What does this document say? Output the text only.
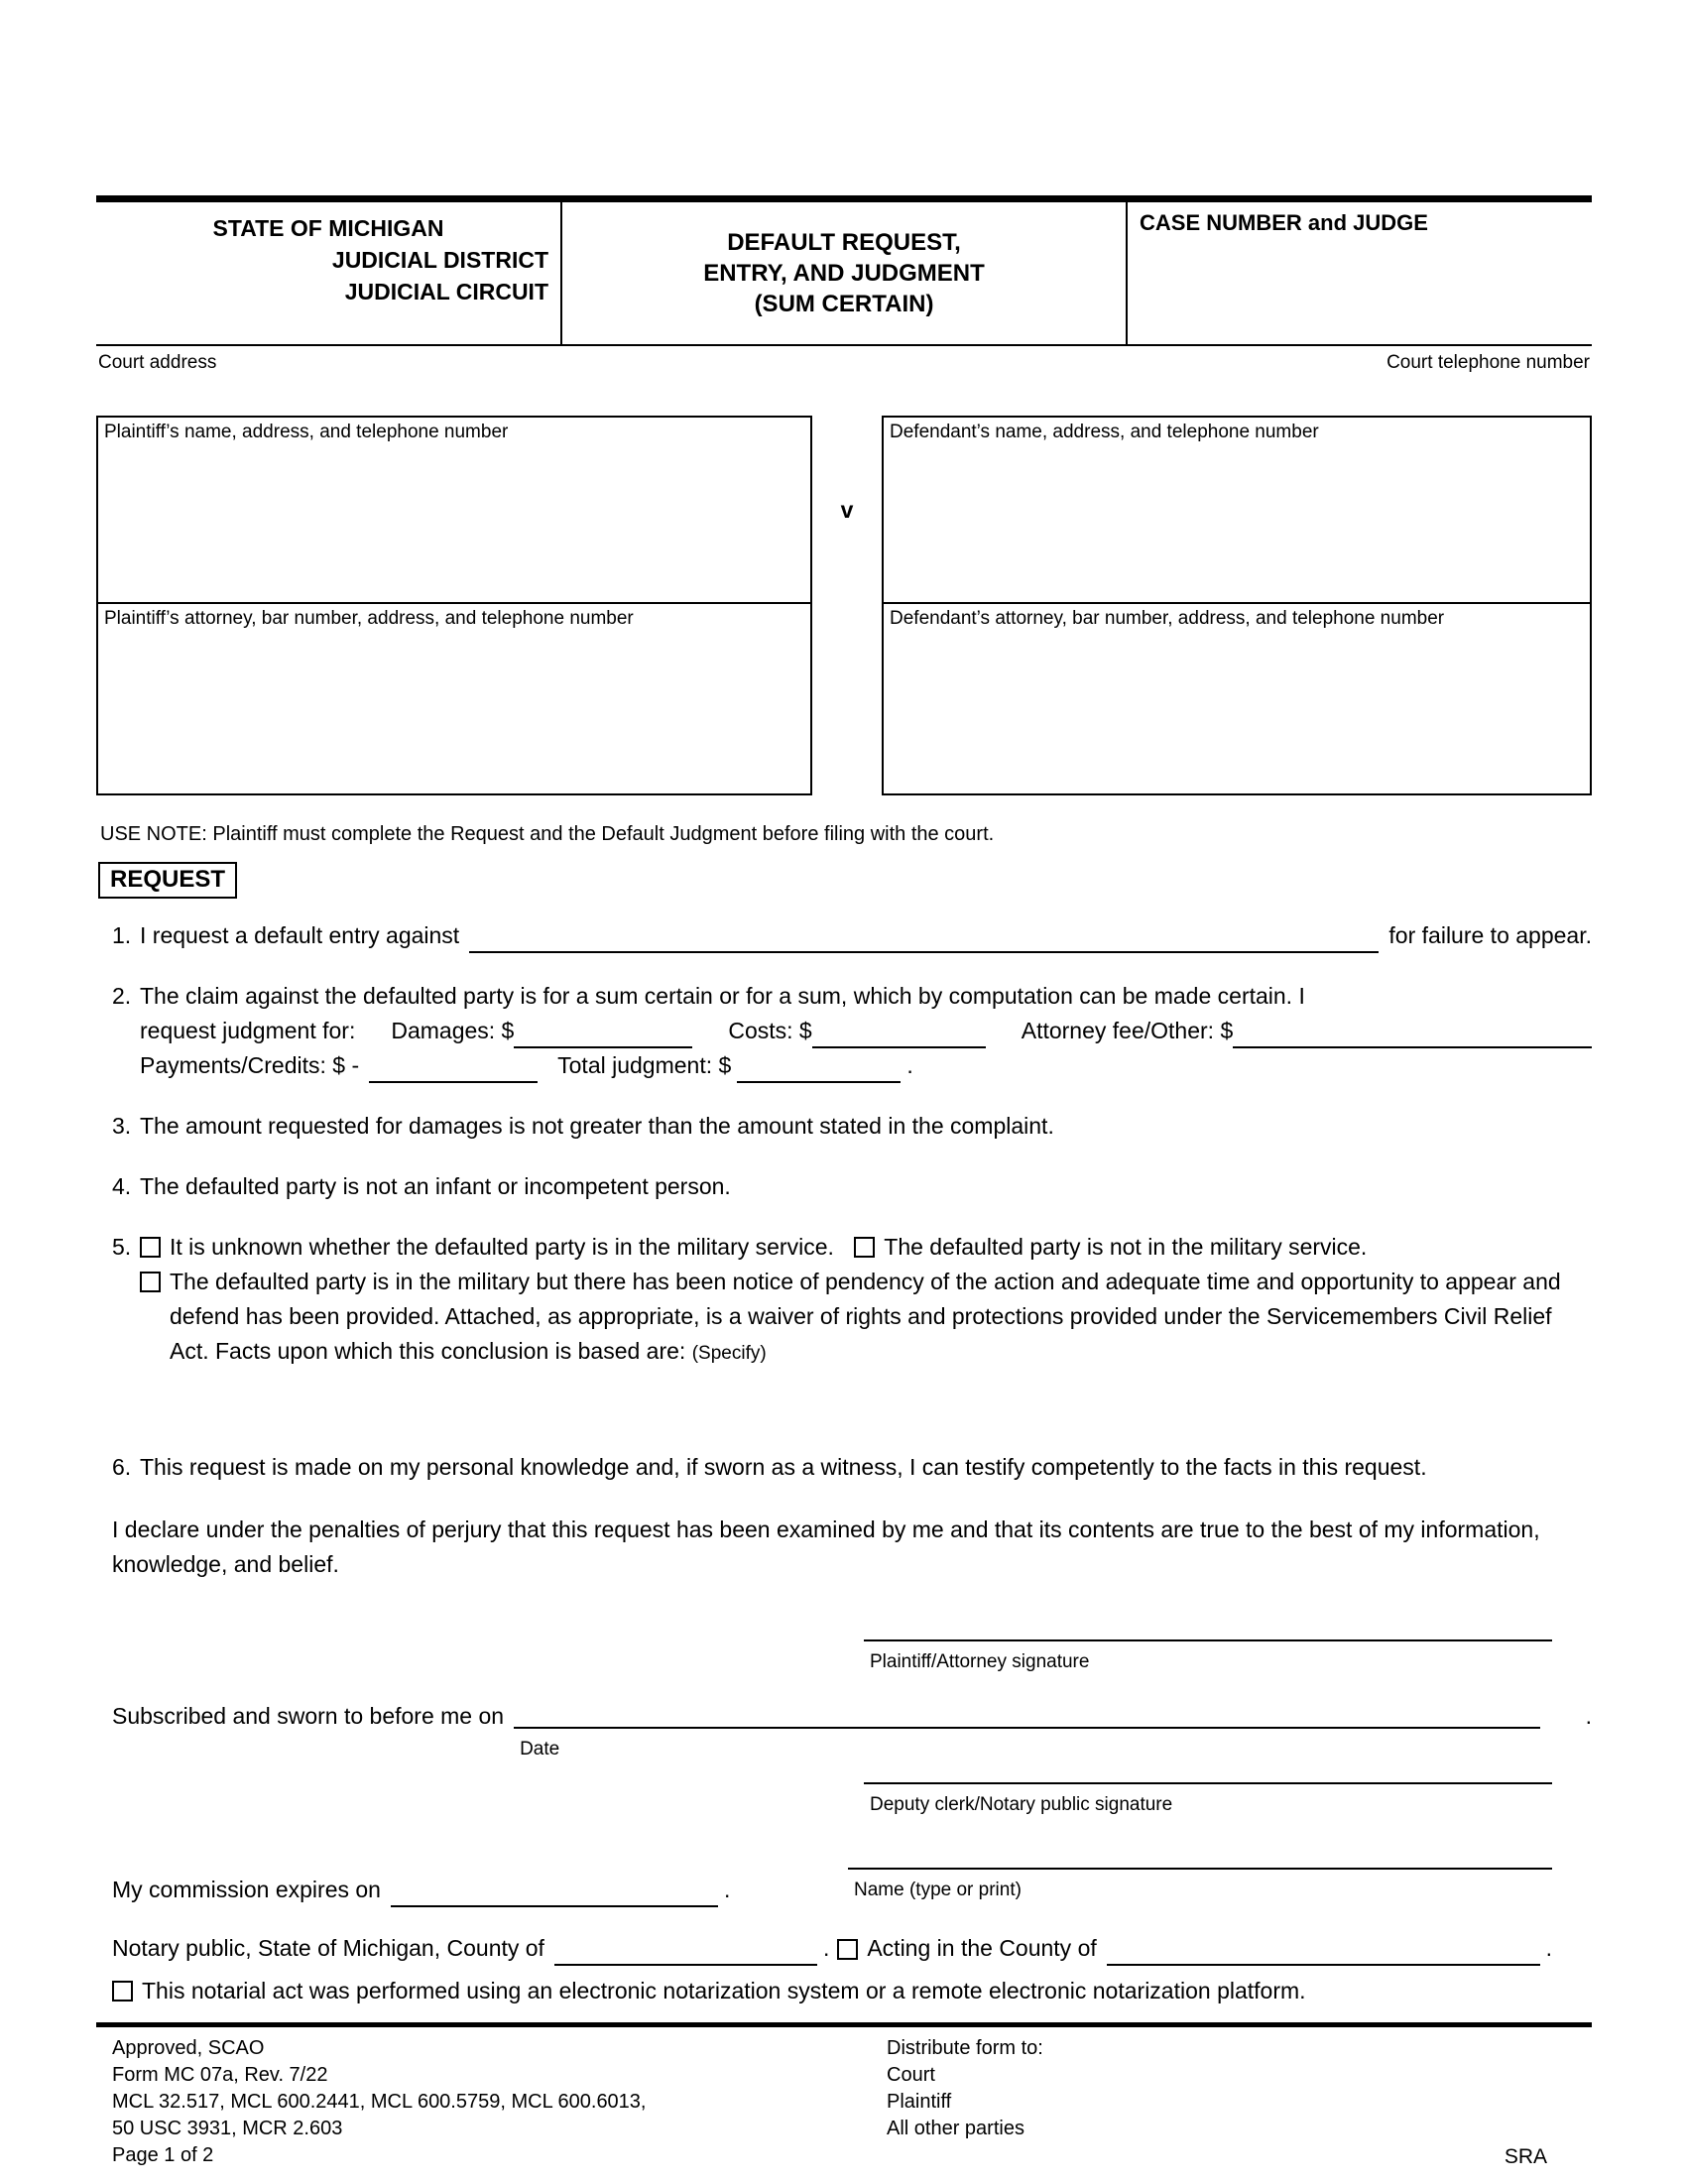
STATE OF MICHIGAN
JUDICIAL DISTRICT
JUDICIAL CIRCUIT
DEFAULT REQUEST,
ENTRY, AND JUDGMENT
(SUM CERTAIN)
CASE NUMBER and JUDGE
Court address	Court telephone number
Plaintiff’s name, address, and telephone number
v
Defendant’s name, address, and telephone number
Plaintiff’s attorney, bar number, address, and telephone number	Defendant’s attorney, bar number, address, and telephone number
USE NOTE: Plaintiff must complete the Request and the Default Judgment before filing with the court.
REQUEST
1. I request a default entry against	for failure to appear.

2. The claim against the defaulted party is for a sum certain or for a sum, which by computation can be made certain. I

request judgment for: Damages: $	Costs: $	Attorney fee/Other: $
Payments/Credits: $ -	Total judgment: $	.

3. The amount requested for damages is not greater than the amount stated in the complaint.

4. The defaulted party is not an infant or incompetent person.

5. It is unknown whether the defaulted party is in the military service. The defaulted party is not in the military service.

The defaulted party is in the military but there has been notice of pendency of the action and adequate time and opportunity to appear and defend has been provided. Attached, as appropriate, is a waiver of rights and protections provided under the Servicemembers Civil Relief Act. Facts upon which this conclusion is based are: (Specify)

6. This request is made on my personal knowledge and, if sworn as a witness, I can testify competently to the facts in this request.

I declare under the penalties of perjury that this request has been examined by me and that its contents are true to the best of my information, knowledge, and belief.

Plaintiff/Attorney signature
Subscribed and sworn to before me on
Date
.
Deputy clerk/Notary public signature
My commission expires on	.	Name (type or print)
Notary public, State of Michigan, County of	.	Acting in the County of	.

This notarial act was performed using an electronic notarization system or a remote electronic notarization platform.

Approved, SCAO
Form MC 07a, Rev. 7/22
MCL 32.517, MCL 600.2441, MCL 600.5759, MCL 600.6013,
50 USC 3931, MCR 2.603
Page 1 of 2
Distribute form to:
Court
Plaintiff
All other parties
SRA
